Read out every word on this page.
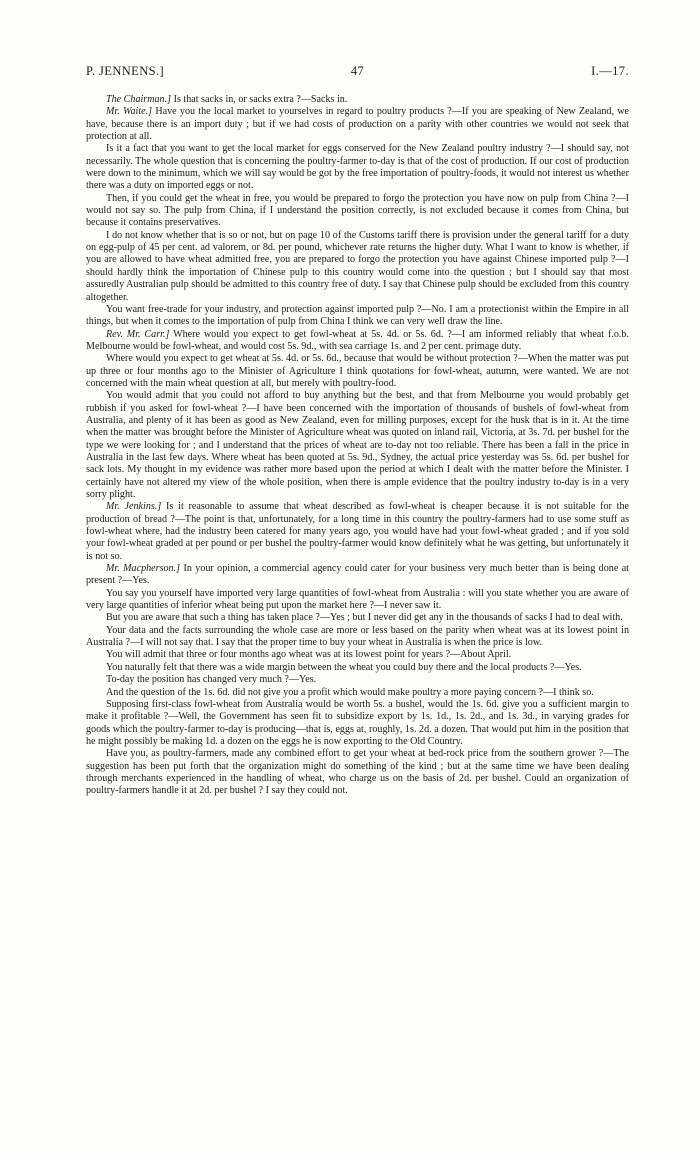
P. JENNENS.]	47	I.—17.

The Chairman.] Is that sacks in, or sacks extra ?—Sacks in.

Mr. Waite.] Have you the local market to yourselves in regard to poultry products ?—If you are speaking of New Zealand, we have, because there is an import duty ; but if we had costs of production on a parity with other countries we would not seek that protection at all.

Is it a fact that you want to get the local market for eggs conserved for the New Zealand poultry industry ?—I should say, not necessarily. The whole question that is concerning the poultry-farmer to-day is that of the cost of production. If our cost of production were down to the minimum, which we will say would be got by the free importation of poultry-foods, it would not interest us whether there was a duty on imported eggs or not.

Then, if you could get the wheat in free, you would be prepared to forgo the protection you have now on pulp from China ?—I would not say so. The pulp from China, if I understand the position correctly, is not excluded because it comes from China, but because it contains preservatives.

I do not know whether that is so or not, but on page 10 of the Customs tariff there is provision under the general tariff for a duty on egg-pulp of 45 per cent. ad valorem, or 8d. per pound, whichever rate returns the higher duty. What I want to know is whether, if you are allowed to have wheat admitted free, you are prepared to forgo the protection you have against Chinese imported pulp ?—I should hardly think the importation of Chinese pulp to this country would come into the question ; but I should say that most assuredly Australian pulp should be admitted to this country free of duty. I say that Chinese pulp should be excluded from this country altogether.

You want free-trade for your industry, and protection against imported pulp ?—No. I am a protectionist within the Empire in all things, but when it comes to the importation of pulp from China I think we can very well draw the line.

Rev. Mr. Carr.] Where would you expect to get fowl-wheat at 5s. 4d. or 5s. 6d. ?—I am informed reliably that wheat f.o.b. Melbourne would be fowl-wheat, and would cost 5s. 9d., with sea carriage 1s. and 2 per cent. primage duty.

Where would you expect to get wheat at 5s. 4d. or 5s. 6d., because that would be without protection ?—When the matter was put up three or four months ago to the Minister of Agriculture I think quotations for fowl-wheat, autumn, were wanted. We are not concerned with the main wheat question at all, but merely with poultry-food.

You would admit that you could not afford to buy anything but the best, and that from Melbourne you would probably get rubbish if you asked for fowl-wheat ?—I have been concerned with the importation of thousands of bushels of fowl-wheat from Australia, and plenty of it has been as good as New Zealand, even for milling purposes, except for the husk that is in it. At the time when the matter was brought before the Minister of Agriculture wheat was quoted on inland rail, Victoria, at 3s. 7d. per bushel for the type we were looking for ; and I understand that the prices of wheat are to-day not too reliable. There has been a fall in the price in Australia in the last few days. Where wheat has been quoted at 5s. 9d., Sydney, the actual price yesterday was 5s. 6d. per bushel for sack lots. My thought in my evidence was rather more based upon the period at which I dealt with the matter before the Minister. I certainly have not altered my view of the whole position, when there is ample evidence that the poultry industry to-day is in a very sorry plight.

Mr. Jenkins.] Is it reasonable to assume that wheat described as fowl-wheat is cheaper because it is not suitable for the production of bread ?—The point is that, unfortunately, for a long time in this country the poultry-farmers had to use some stuff as fowl-wheat where, had the industry been catered for many years ago, you would have had your fowl-wheat graded ; and if you sold your fowl-wheat graded at per pound or per bushel the poultry-farmer would know definitely what he was getting, but unfortunately it is not so.

Mr. Macpherson.] In your opinion, a commercial agency could cater for your business very much better than is being done at present ?—Yes.

You say you yourself have imported very large quantities of fowl-wheat from Australia : will you state whether you are aware of very large quantities of inferior wheat being put upon the market here ?—I never saw it.

But you are aware that such a thing has taken place ?—Yes ; but I never did get any in the thousands of sacks I had to deal with.

Your data and the facts surrounding the whole case are more or less based on the parity when wheat was at its lowest point in Australia ?—I will not say that. I say that the proper time to buy your wheat in Australia is when the price is low.

You will admit that three or four months ago wheat was at its lowest point for years ?—About April.

You naturally felt that there was a wide margin between the wheat you could buy there and the local products ?—Yes.

To-day the position has changed very much ?—Yes.

And the question of the 1s. 6d. did not give you a profit which would make poultry a more paying concern ?—I think so.

Supposing first-class fowl-wheat from Australia would be worth 5s. a bushel, would the 1s. 6d. give you a sufficient margin to make it profitable ?—Well, the Government has seen fit to subsidize export by 1s. 1d., 1s. 2d., and 1s. 3d., in varying grades for goods which the poultry-farmer to-day is producing—that is, eggs at, roughly, 1s. 2d. a dozen. That would put him in the position that he might possibly be making 1d. a dozen on the eggs he is now exporting to the Old Country.

Have you, as poultry-farmers, made any combined effort to get your wheat at bed-rock price from the southern grower ?—The suggestion has been put forth that the organization might do something of the kind ; but at the same time we have been dealing through merchants experienced in the handling of wheat, who charge us on the basis of 2d. per bushel. Could an organization of poultry-farmers handle it at 2d. per bushel ? I say they could not.
